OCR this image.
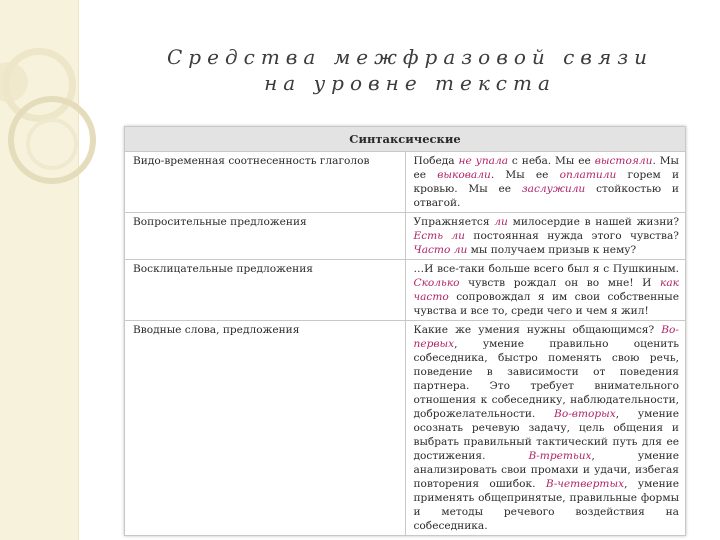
Средства межфразовой связи
на уровне текста
Синтаксические	
Видо-временная соотнесенность глаголов	Победа не упала с неба. Мы ее выстояли. Мы ее выковали. Мы ее оплатили горем и кровью. Мы ее заслужили стойкостью и отвагой.
Вопросительные предложения	Упражняется ли милосердие в нашей жизни? Есть ли постоянная нужда этого чувства? Часто ли мы получаем призыв к нему?
Восклицательные предложения	…И все-таки больше всего был я с Пушкиным. Сколько чувств рождал он во мне! И как часто сопровождал я им свои собственные чувства и все то, среди чего и чем я жил!
Вводные слова, предложения	Какие же умения нужны общающимся? Во-первых, умение правильно оценить собеседника, быстро поменять свою речь, поведение в зависимости от поведения партнера. Это требует внимательного отношения к собеседнику, наблюдательности, доброжелательности. Во-вторых, умение осознать речевую задачу, цель общения и выбрать правильный тактический путь для ее достижения. В-третьих, умение анализировать свои промахи и удачи, избегая повторения ошибок. В-четвертых, умение применять общепринятые, правильные формы и методы речевого воздействия на собеседника.
